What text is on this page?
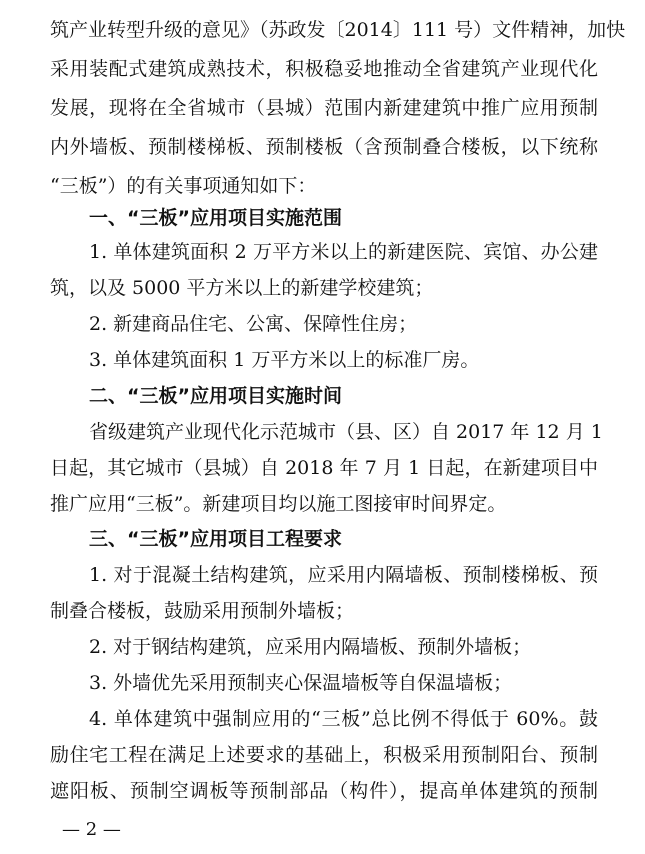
筑产业转型升级的意见》（苏政发〔2014〕111 号）文件精神，加快
采用装配式建筑成熟技术，积极稳妥地推动全省建筑产业现代化
发展，现将在全省城市（县城）范围内新建建筑中推广应用预制
内外墙板、预制楼梯板、预制楼板（含预制叠合楼板，以下统称
“三板”）的有关事项通知如下：
一、“三板”应用项目实施范围
1. 单体建筑面积 2 万平方米以上的新建医院、宾馆、办公建
筑，以及 5000 平方米以上的新建学校建筑；
2. 新建商品住宅、公寓、保障性住房；
3. 单体建筑面积 1 万平方米以上的标准厂房。
二、“三板”应用项目实施时间
省级建筑产业现代化示范城市（县、区）自 2017 年 12 月 1
日起，其它城市（县城）自 2018 年 7 月 1 日起，在新建项目中
推广应用“三板”。新建项目均以施工图接审时间界定。
三、“三板”应用项目工程要求
1. 对于混凝土结构建筑，应采用内隔墙板、预制楼梯板、预
制叠合楼板，鼓励采用预制外墙板；
2. 对于钢结构建筑，应采用内隔墙板、预制外墙板；
3. 外墙优先采用预制夹心保温墙板等自保温墙板；
4. 单体建筑中强制应用的“三板”总比例不得低于 60%。鼓
励住宅工程在满足上述要求的基础上，积极采用预制阳台、预制
遮阳板、预制空调板等预制部品（构件），提高单体建筑的预制
— 2 —
